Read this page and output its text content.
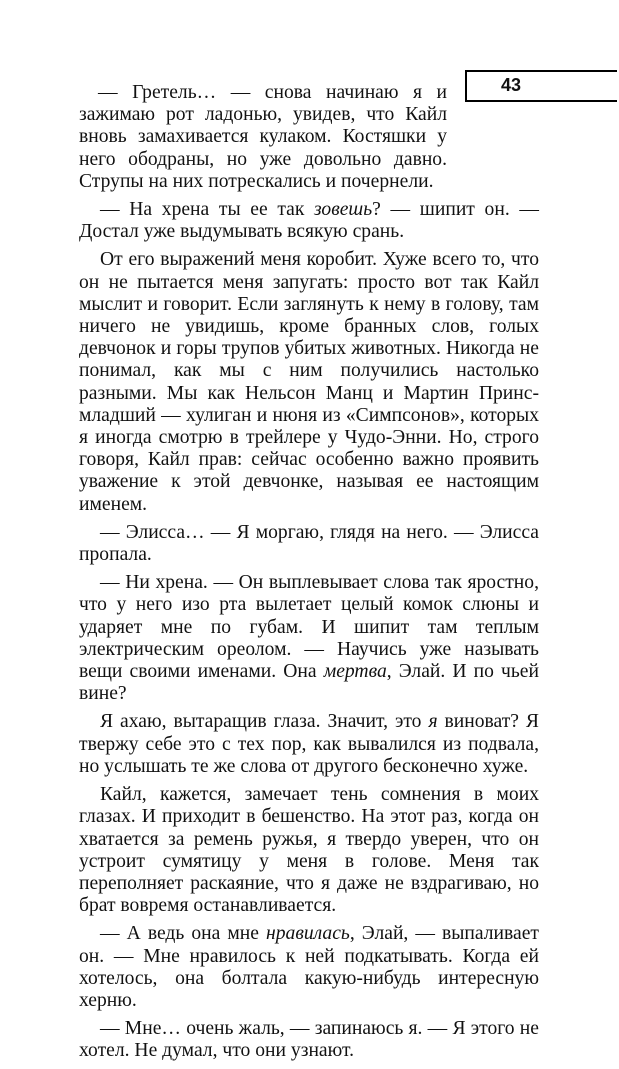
43

— Гретель… — снова начинаю я и зажимаю рот ладонью, увидев, что Кайл вновь замахивается кулаком. Костяшки у него ободраны, но уже довольно давно. Струпы на них потрескались и почернели.

— На хрена ты ее так зовешь? — шипит он. — Достал уже выдумывать всякую срань.

От его выражений меня коробит. Хуже всего то, что он не пытается меня запугать: просто вот так Кайл мыслит и говорит. Если заглянуть к нему в голову, там ничего не увидишь, кроме бранных слов, голых девчонок и горы трупов убитых животных. Никогда не понимал, как мы с ним получились настолько разными. Мы как Нельсон Манц и Мартин Принс-младший — хулиган и нюня из «Симпсонов», которых я иногда смотрю в трейлере у Чудо-Энни. Но, строго говоря, Кайл прав: сейчас особенно важно проявить уважение к этой девчонке, называя ее настоящим именем.

— Элисса… — Я моргаю, глядя на него. — Элисса пропала.

— Ни хрена. — Он выплевывает слова так яростно, что у него изо рта вылетает целый комок слюны и ударяет мне по губам. И шипит там теплым электрическим ореолом. — Научись уже называть вещи своими именами. Она мертва, Элай. И по чьей вине?

Я ахаю, вытаращив глаза. Значит, это я виноват? Я твержу себе это с тех пор, как вывалился из подвала, но услышать те же слова от другого бесконечно хуже.

Кайл, кажется, замечает тень сомнения в моих глазах. И приходит в бешенство. На этот раз, когда он хватается за ремень ружья, я твердо уверен, что он устроит сумятицу у меня в голове. Меня так переполняет раскаяние, что я даже не вздрагиваю, но брат вовремя останавливается.

— А ведь она мне нравилась, Элай, — выпаливает он. — Мне нравилось к ней подкатывать. Когда ей хотелось, она болтала какую-нибудь интересную херню.

— Мне… очень жаль, — запинаюсь я. — Я этого не хотел. Не думал, что они узнают.
